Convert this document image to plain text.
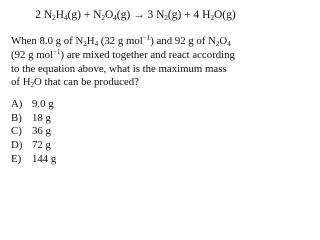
2 $N_2H_4(g) + N_2O_4(g) \to 3$ $N_2(g) + 4$ $H_2O(g)$
When 8.0 g of $N_2H_4$ (32 g mol$^{-1}$) and 92 g of $N_2O_4$
(92 g mol$^{-1}$) are mixed together and react according
to the equation above, what is the maximum mass
of $H_2O$ that can be produced?
A) 9.0 g
B) 18 g
C) 36 g
D) 72 g
E) 144 g
